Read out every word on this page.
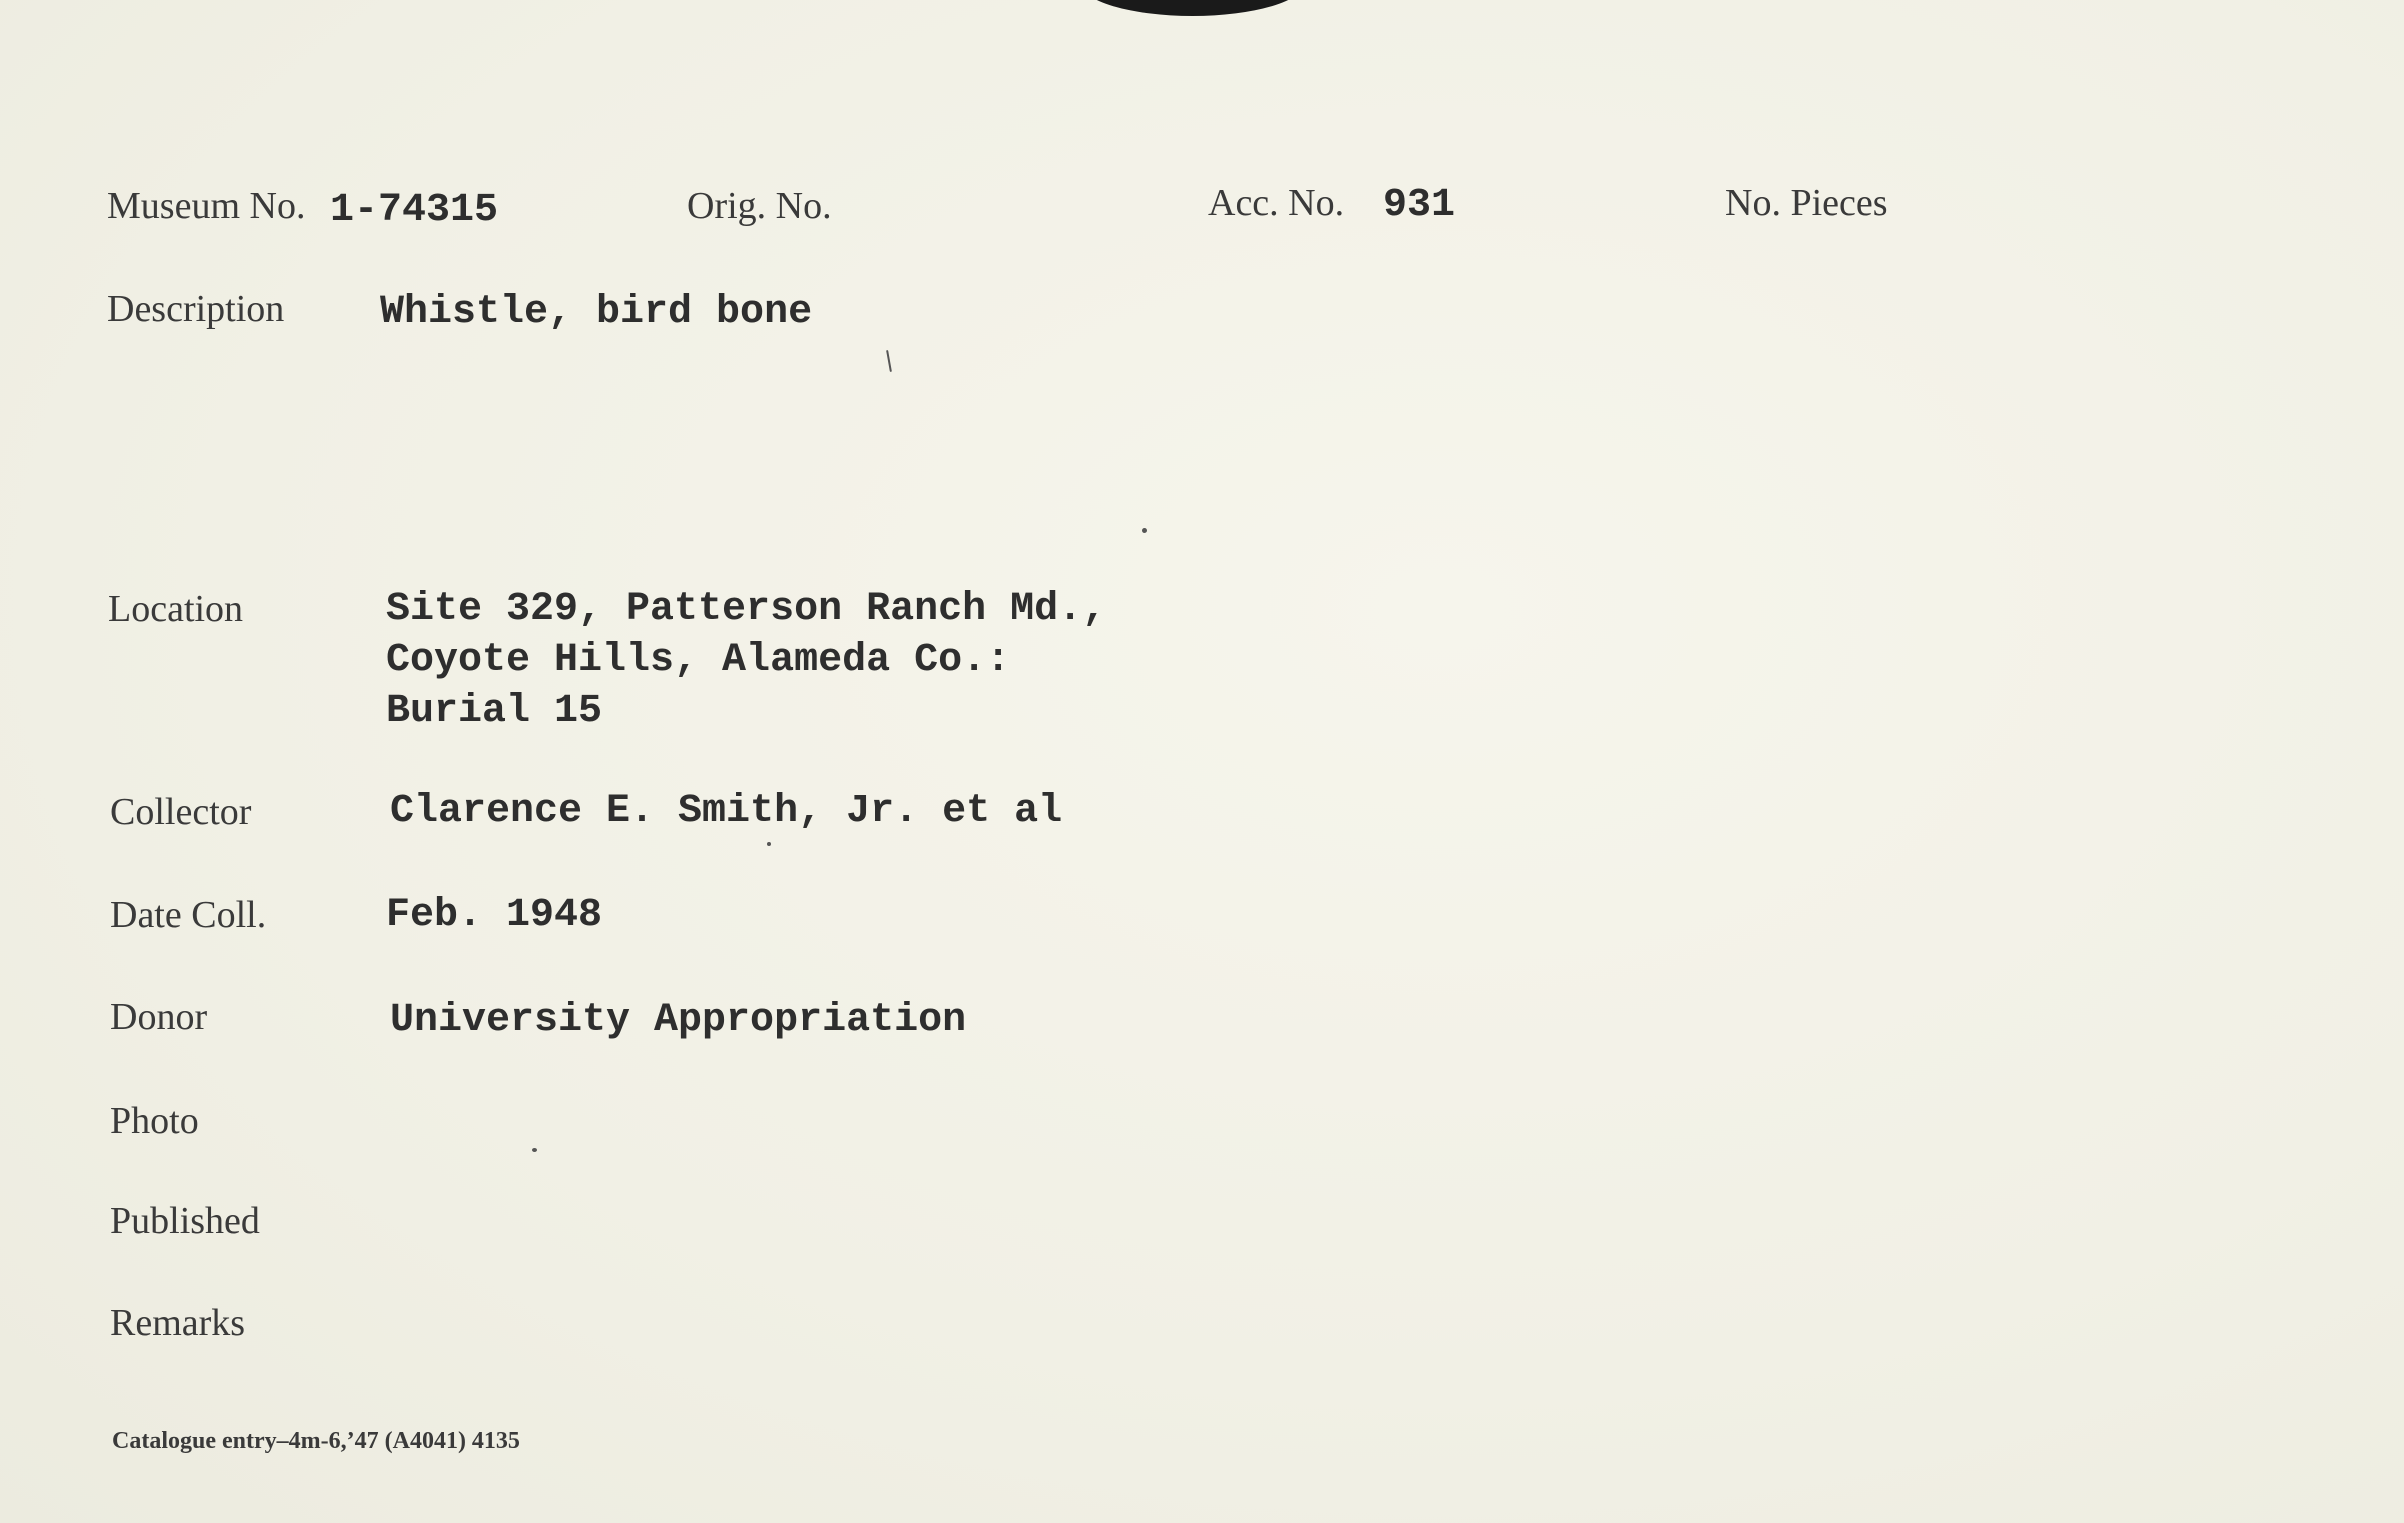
Museum No. 1-74315	Orig. No.	Acc. No. 931	No. Pieces
Description Whistle, bird bone
Location	Site 329, Patterson Ranch Md.,
Coyote Hills, Alameda Co.:
Burial 15
Collector	Clarence E. Smith, Jr. et al
Date Coll.	Feb. 1948
Donor	University Appropriation
Photo
Published
Remarks
Catalogue entry–4m-6,’47 (A4041) 4135
